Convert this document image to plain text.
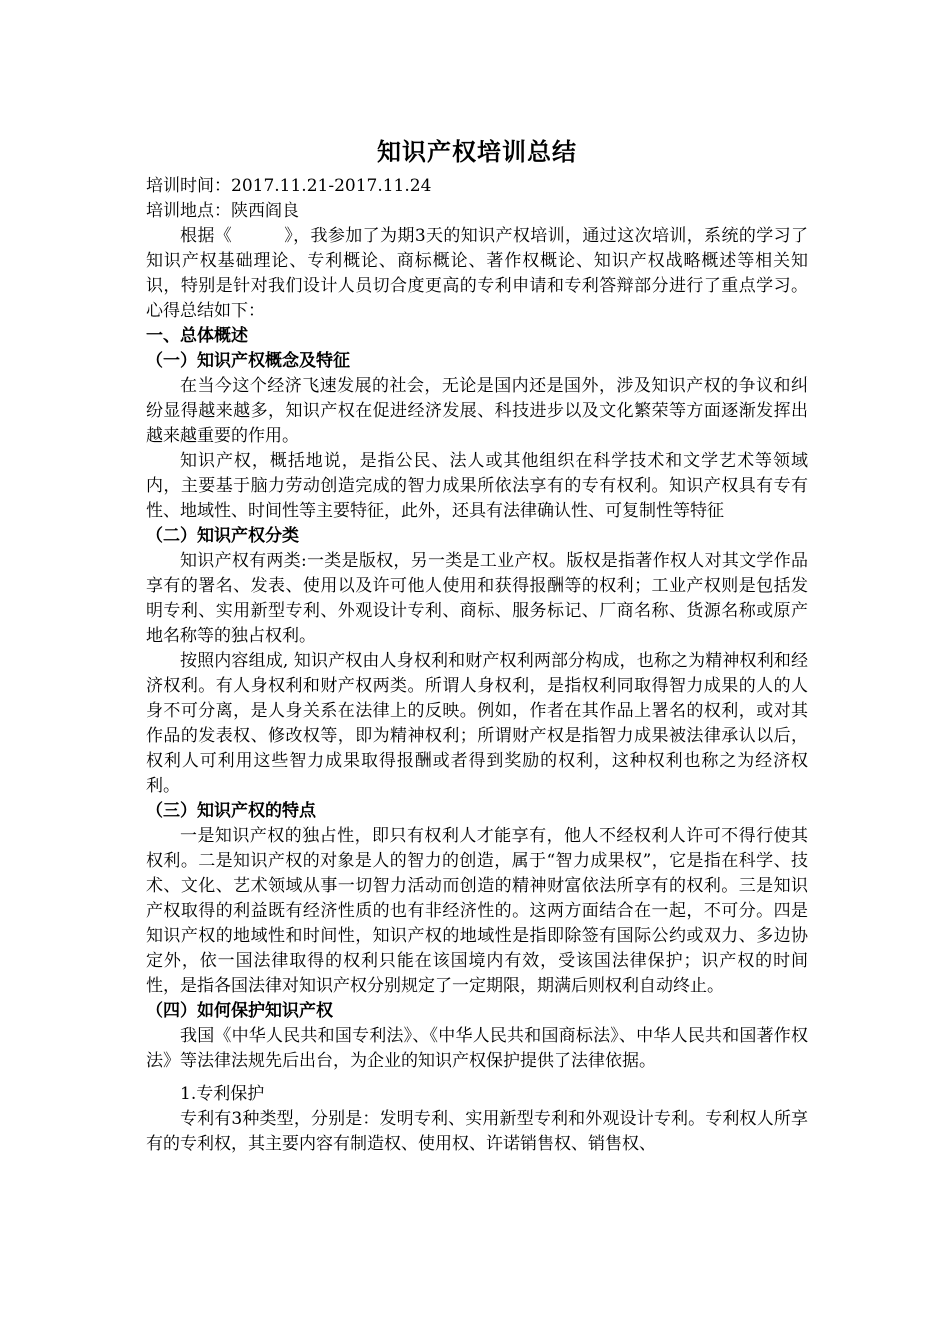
知识产权培训总结
培训时间：2017.11.21-2017.11.24
培训地点：陕西阎良

根据《　　　》，我参加了为期3天的知识产权培训，通过这次培训，系统的学习了知识产权基础理论、专利概论、商标概论、著作权概论、知识产权战略概述等相关知识，特别是针对我们设计人员切合度更高的专利申请和专利答辩部分进行了重点学习。心得总结如下：

一、总体概述
（一）知识产权概念及特征

在当今这个经济飞速发展的社会，无论是国内还是国外，涉及知识产权的争议和纠纷显得越来越多，知识产权在促进经济发展、科技进步以及文化繁荣等方面逐渐发挥出越来越重要的作用。

知识产权，概括地说，是指公民、法人或其他组织在科学技术和文学艺术等领域内，主要基于脑力劳动创造完成的智力成果所依法享有的专有权利。知识产权具有专有性、地域性、时间性等主要特征，此外，还具有法律确认性、可复制性等特征

（二）知识产权分类

知识产权有两类:一类是版权，另一类是工业产权。版权是指著作权人对其文学作品享有的署名、发表、使用以及许可他人使用和获得报酬等的权利；工业产权则是包括发明专利、实用新型专利、外观设计专利、商标、服务标记、厂商名称、货源名称或原产地名称等的独占权利。

按照内容组成, 知识产权由人身权利和财产权利两部分构成，也称之为精神权利和经济权利。有人身权利和财产权两类。所谓人身权利，是指权利同取得智力成果的人的人身不可分离，是人身关系在法律上的反映。例如，作者在其作品上署名的权利，或对其作品的发表权、修改权等，即为精神权利；所谓财产权是指智力成果被法律承认以后，权利人可利用这些智力成果取得报酬或者得到奖励的权利，这种权利也称之为经济权利。

（三）知识产权的特点

一是知识产权的独占性，即只有权利人才能享有，他人不经权利人许可不得行使其权利。二是知识产权的对象是人的智力的创造，属于“智力成果权”，它是指在科学、技术、文化、艺术领域从事一切智力活动而创造的精神财富依法所享有的权利。三是知识产权取得的利益既有经济性质的也有非经济性的。这两方面结合在一起，不可分。四是知识产权的地域性和时间性，知识产权的地域性是指即除签有国际公约或双力、多边协定外，依一国法律取得的权利只能在该国境内有效，受该国法律保护；识产权的时间性，是指各国法律对知识产权分别规定了一定期限，期满后则权利自动终止。

（四）如何保护知识产权

我国《中华人民共和国专利法》、《中华人民共和国商标法》、中华人民共和国著作权法》等法律法规先后出台，为企业的知识产权保护提供了法律依据。

1.专利保护

专利有3种类型，分别是：发明专利、实用新型专利和外观设计专利。专利权人所享有的专利权，其主要内容有制造权、使用权、许诺销售权、销售权、
